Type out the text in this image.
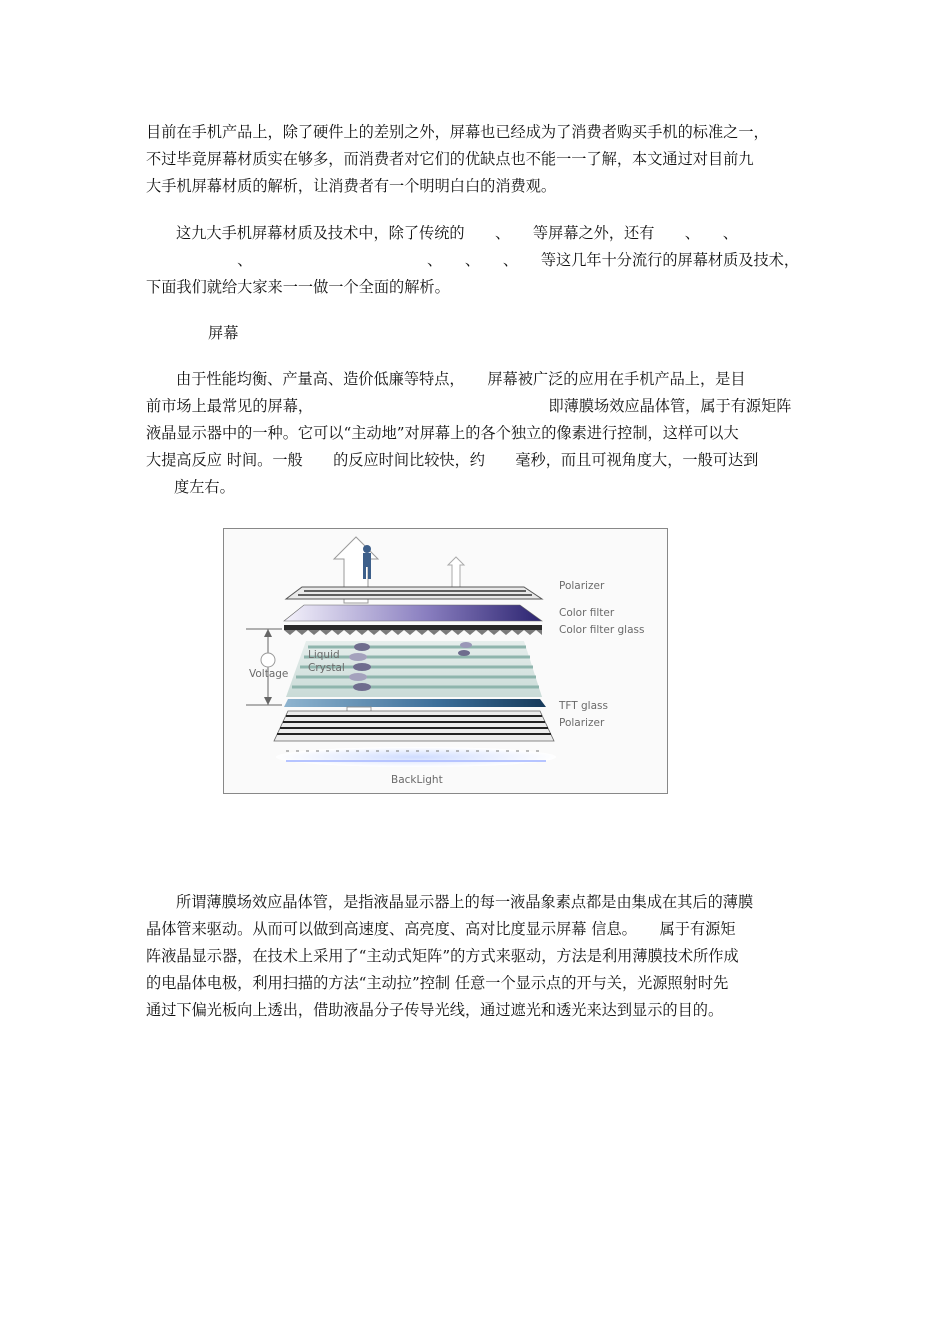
目前在手机产品上，除了硬件上的差别之外，屏幕也已经成为了消费者购买手机的标准之一，
不过毕竟屏幕材质实在够多，而消费者对它们的优缺点也不能一一了解，本文通过对目前九
大手机屏幕材质的解析，让消费者有一个明明白白的消费观。
这九大手机屏幕材质及技术中，除了传统的　　、　　等屏幕之外，还有　　、　　、
　　　　　　、　　　　　　　　　　　　、　　、　　、　　等这几年十分流行的屏幕材质及技术，
下面我们就给大家来一一做一个全面的解析。
屏幕
由于性能均衡、产量高、造价低廉等特点，　　屏幕被广泛的应用在手机产品上，是目
前市场上最常见的屏幕，　　　　　　　　　　　　　　　　即薄膜场效应晶体管，属于有源矩阵
液晶显示器中的一种。它可以“主动地”对屏幕上的各个独立的像素进行控制，这样可以大
大提高反应 时间。一般　　的反应时间比较快，约　　毫秒，而且可视角度大，一般可达到
度左右。
Polarizer
Color filter
Color filter glass
Liquid
Crystal
Voltage
TFT glass
Polarizer
BackLight
所谓薄膜场效应晶体管，是指液晶显示器上的每一液晶象素点都是由集成在其后的薄膜
晶体管来驱动。从而可以做到高速度、高亮度、高对比度显示屏幕 信息。　　属于有源矩
阵液晶显示器，在技术上采用了“主动式矩阵”的方式来驱动，方法是利用薄膜技术所作成
的电晶体电极，利用扫描的方法“主动拉”控制 任意一个显示点的开与关，光源照射时先
通过下偏光板向上透出，借助液晶分子传导光线，通过遮光和透光来达到显示的目的。
